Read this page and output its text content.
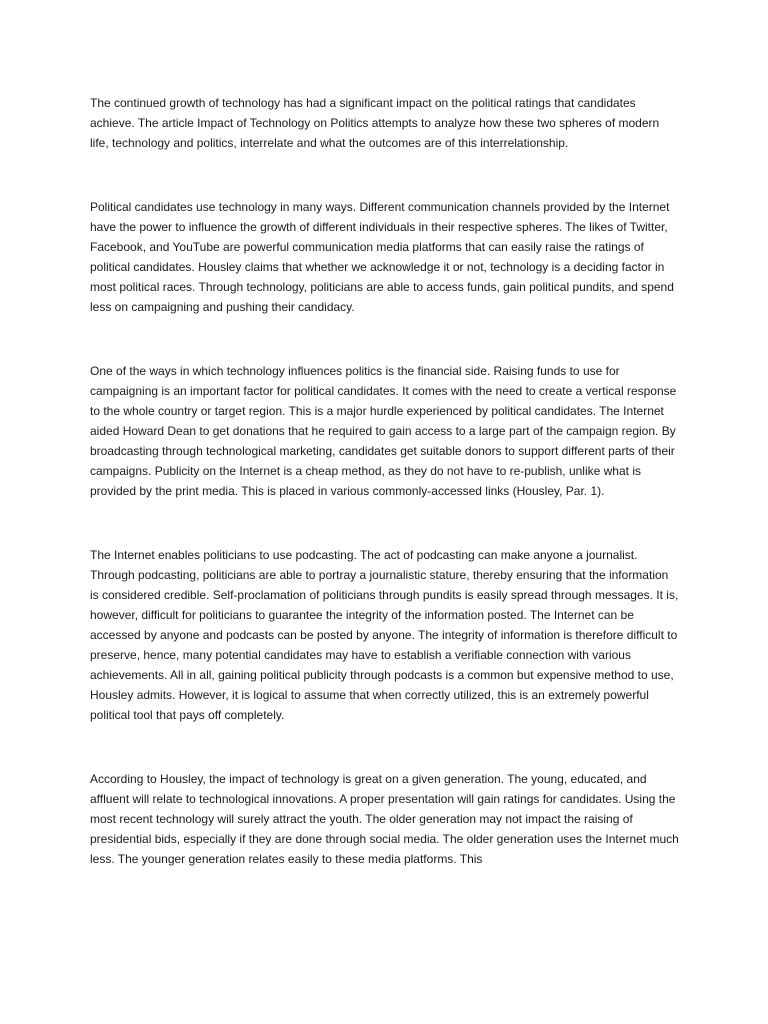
The continued growth of technology has had a significant impact on the political ratings that candidates achieve. The article Impact of Technology on Politics attempts to analyze how these two spheres of modern life, technology and politics, interrelate and what the outcomes are of this interrelationship.

Political candidates use technology in many ways. Different communication channels provided by the Internet have the power to influence the growth of different individuals in their respective spheres. The likes of Twitter, Facebook, and YouTube are powerful communication media platforms that can easily raise the ratings of political candidates. Housley claims that whether we acknowledge it or not, technology is a deciding factor in most political races. Through technology, politicians are able to access funds, gain political pundits, and spend less on campaigning and pushing their candidacy.

One of the ways in which technology influences politics is the financial side. Raising funds to use for campaigning is an important factor for political candidates. It comes with the need to create a vertical response to the whole country or target region. This is a major hurdle experienced by political candidates. The Internet aided Howard Dean to get donations that he required to gain access to a large part of the campaign region. By broadcasting through technological marketing, candidates get suitable donors to support different parts of their campaigns. Publicity on the Internet is a cheap method, as they do not have to re-publish, unlike what is provided by the print media. This is placed in various commonly-accessed links (Housley, Par. 1).

The Internet enables politicians to use podcasting. The act of podcasting can make anyone a journalist. Through podcasting, politicians are able to portray a journalistic stature, thereby ensuring that the information is considered credible. Self-proclamation of politicians through pundits is easily spread through messages. It is, however, difficult for politicians to guarantee the integrity of the information posted. The Internet can be accessed by anyone and podcasts can be posted by anyone. The integrity of information is therefore difficult to preserve, hence, many potential candidates may have to establish a verifiable connection with various achievements. All in all, gaining political publicity through podcasts is a common but expensive method to use, Housley admits. However, it is logical to assume that when correctly utilized, this is an extremely powerful political tool that pays off completely.

According to Housley, the impact of technology is great on a given generation. The young, educated, and affluent will relate to technological innovations. A proper presentation will gain ratings for candidates. Using the most recent technology will surely attract the youth. The older generation may not impact the raising of presidential bids, especially if they are done through social media. The older generation uses the Internet much less. The younger generation relates easily to these media platforms. This
